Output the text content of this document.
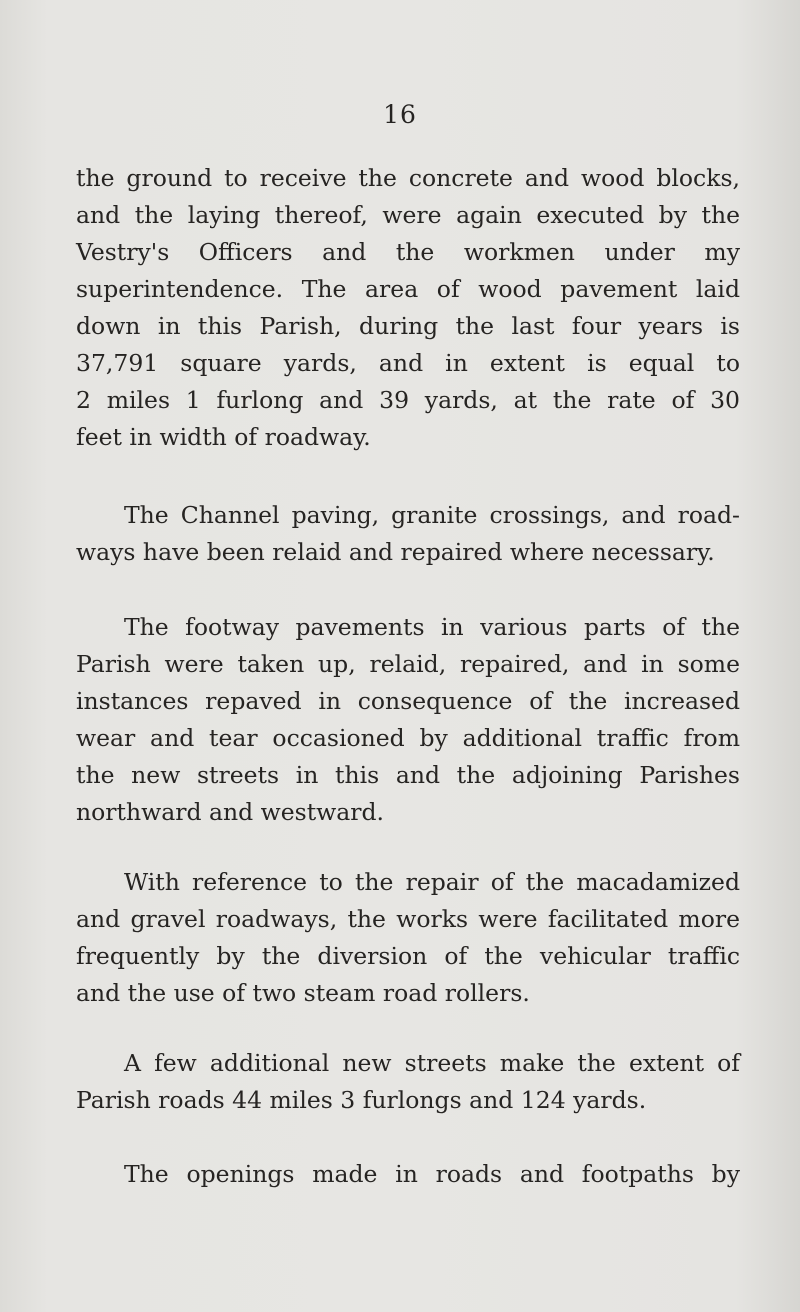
16
the ground to receive the concrete and wood blocks,
and the laying thereof, were again executed by the
Vestry's Officers and the workmen under my
superintendence. The area of wood pavement laid
down in this Parish, during the last four years is
37,791 square yards, and in extent is equal to
2 miles 1 furlong and 39 yards, at the rate of 30
feet in width of roadway.
The Channel paving, granite crossings, and road-
ways have been relaid and repaired where necessary.
The footway pavements in various parts of the
Parish were taken up, relaid, repaired, and in some
instances repaved in consequence of the increased
wear and tear occasioned by additional traffic from
the new streets in this and the adjoining Parishes
northward and westward.
With reference to the repair of the macadamized
and gravel roadways, the works were facilitated more
frequently by the diversion of the vehicular traffic
and the use of two steam road rollers.
A few additional new streets make the extent of
Parish roads 44 miles 3 furlongs and 124 yards.
The openings made in roads and footpaths by
